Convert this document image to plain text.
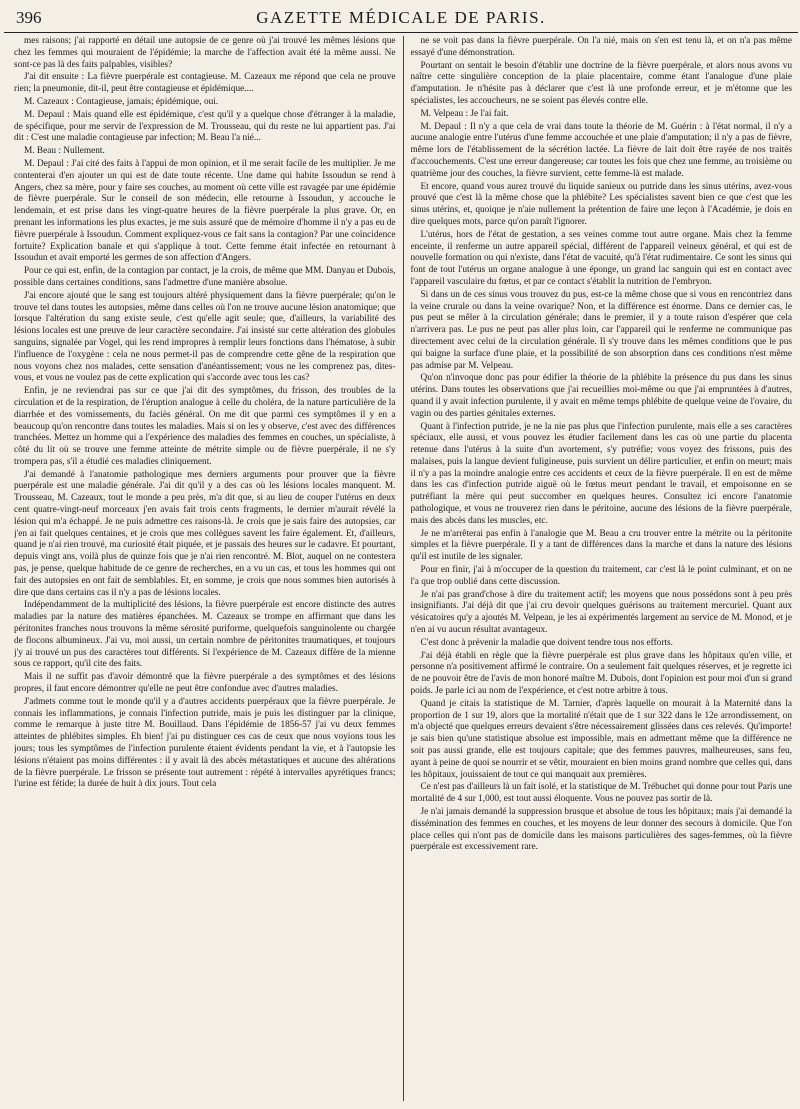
396	GAZETTE MÉDICALE DE PARIS.

mes raisons; j'ai rapporté en détail une autopsie de ce genre où j'ai trouvé les mêmes lésions que chez les femmes qui mouraient de l'épidémie; la marche de l'affection avait été la même aussi. Ne sont-ce pas là des faits palpables, visibles?

J'ai dit ensuite : La fièvre puerpérale est contagieuse. M. Cazeaux me répond que cela ne prouve rien; la pneumonie, dit-il, peut être contagieuse et épidémique....

M. Cazeaux : Contagieuse, jamais; épidémique, oui.

M. Depaul : Mais quand elle est épidémique, c'est qu'il y a quelque chose d'étranger à la maladie, de spécifique, pour me servir de l'expression de M. Trousseau, qui du reste ne lui appartient pas. J'ai dit : C'est une maladie contagieuse par infection; M. Beau l'a nié...

M. Beau : Nullement.

M. Depaul : J'ai cité des faits à l'appui de mon opinion, et il me serait facile de les multiplier. Je me contenterai d'en ajouter un qui est de date toute récente. Une dame qui habite Issoudun se rend à Angers, chez sa mère, pour y faire ses couches, au moment où cette ville est ravagée par une épidémie de fièvre puerpérale. Sur le conseil de son médecin, elle retourne à Issoudun, y accouche le lendemain, et est prise dans les vingt-quatre heures de la fièvre puerpérale la plus grave. Or, en prenant les informations les plus exactes, je me suis assuré que de mémoire d'homme il n'y a pas eu de fièvre puerpérale à Issoudun. Comment expliquez-vous ce fait sans la contagion? Par une coïncidence fortuite? Explication banale et qui s'applique à tout. Cette femme était infectée en retournant à Issoudun et avait emporté les germes de son affection d'Angers.

Pour ce qui est, enfin, de la contagion par contact, je la crois, de même que MM. Danyau et Dubois, possible dans certaines conditions, sans l'admettre d'une manière absolue.

J'ai encore ajouté que le sang est toujours altéré physiquement dans la fièvre puerpérale; qu'on le trouve tel dans toutes les autopsies, même dans celles où l'on ne trouve aucune lésion anatomique; que lorsque l'altération du sang existe seule, c'est qu'elle agit seule; que, d'ailleurs, la variabilité des lésions locales est une preuve de leur caractère secondaire. J'ai insisté sur cette altération des globules sanguins, signalée par Vogel, qui les rend impropres à remplir leurs fonctions dans l'hématose, à subir l'influence de l'oxygène : cela ne nous permet-il pas de comprendre cette gêne de la respiration que nous voyons chez nos malades, cette sensation d'anéantissement; vous ne les comprenez pas, dites-vous, et vous ne voulez pas de cette explication qui s'accorde avec tous les cas?

Enfin, je ne reviendrai pas sur ce que j'ai dit des symptômes, du frisson, des troubles de la circulation et de la respiration, de l'éruption analogue à celle du choléra, de la nature particulière de la diarrhée et des vomissements, du faciès général. On me dit que parmi ces symptômes il y en a beaucoup qu'on rencontre dans toutes les maladies. Mais si on les y observe, c'est avec des différences tranchées. Mettez un homme qui a l'expérience des maladies des femmes en couches, un spécialiste, à côté du lit où se trouve une femme atteinte de métrite simple ou de fièvre puerpérale, il ne s'y trompera pas, s'il a étudié ces maladies cliniquement.

J'ai demandé à l'anatomie pathologique mes derniers arguments pour prouver que la fièvre puerpérale est une maladie générale. J'ai dit qu'il y a des cas où les lésions locales manquent. M. Trousseau, M. Cazeaux, tout le monde a peu près, m'a dit que, si au lieu de couper l'utérus en deux cent quatre-vingt-neuf morceaux j'en avais fait trois cents fragments, le dernier m'aurait révélé la lésion qui m'a échappé. Je ne puis admettre ces raisons-là. Je crois que je sais faire des autopsies, car j'en ai fait quelques centaines, et je crois que mes collègues savent les faire également. Et, d'ailleurs, quand je n'ai rien trouvé, ma curiosité était piquée, et je passais des heures sur le cadavre. Et pourtant, depuis vingt ans, voilà plus de quinze fois que je n'ai rien rencontré. M. Blot, auquel on ne contestera pas, je pense, quelque habitude de ce genre de recherches, en a vu un cas, et tous les hommes qui ont fait des autopsies en ont fait de semblables. Et, en somme, je crois que nous sommes bien autorisés à dire que dans certains cas il n'y a pas de lésions locales.

Indépendamment de la multiplicité des lésions, la fièvre puerpérale est encore distincte des autres maladies par la nature des matières épanchées. M. Cazeaux se trompe en affirmant que dans les péritonites franches nous trouvons la même sérosité puriforme, quelquefois sanguinolente ou chargée de flocons albumineux. J'ai vu, moi aussi, un certain nombre de péritonites traumatiques, et toujours j'y ai trouvé un pus des caractères tout différents. Si l'expérience de M. Cazeaux diffère de la mienne sous ce rapport, qu'il cite des faits.

Mais il ne suffit pas d'avoir démontré que la fièvre puerpérale a des symptômes et des lésions propres, il faut encore démontrer qu'elle ne peut être confondue avec d'autres maladies.

J'admets comme tout le monde qu'il y a d'autres accidents puerpéraux que la fièvre puerpérale. Je connais les inflammations, je connais l'infection putride, mais je puis les distinguer par la clinique, comme le remarque à juste titre M. Bouillaud. Dans l'épidémie de 1856-57 j'ai vu deux femmes atteintes de phlébites simples. Eh bien! j'ai pu distinguer ces cas de ceux que nous voyions tous les jours; tous les symptômes de l'infection purulente étaient évidents pendant la vie, et à l'autopsie les lésions n'étaient pas moins différentes : il y avait là des abcès métastatiques et aucune des altérations de la fièvre puerpérale. Le frisson se présente tout autrement : répété à intervalles apyrétiques francs; l'urine est fétide; la durée de huit à dix jours. Tout cela

ne se voit pas dans la fièvre puerpérale. On l'a nié, mais on s'en est tenu là, et on n'a pas même essayé d'une démonstration.

Pourtant on sentait le besoin d'établir une doctrine de la fièvre puerpérale, et alors nous avons vu naître cette singulière conception de la plaie placentaire, comme étant l'analogue d'une plaie d'amputation. Je n'hésite pas à déclarer que c'est là une profonde erreur, et je m'étonne que les spécialistes, les accoucheurs, ne se soient pas élevés contre elle.

M. Velpeau : Je l'ai fait.

M. Depaul : Il n'y a que cela de vrai dans toute la théorie de M. Guérin : à l'état normal, il n'y a aucune analogie entre l'utérus d'une femme accouchée et une plaie d'amputation; il n'y a pas de fièvre, même lors de l'établissement de la sécrétion lactée. La fièvre de lait doit être rayée de nos traités d'accouchements. C'est une erreur dangereuse; car toutes les fois que chez une femme, au troisième ou quatrième jour des couches, la fièvre survient, cette femme-là est malade.

Et encore, quand vous aurez trouvé du liquide sanieux ou putride dans les sinus utérins, avez-vous prouvé que c'est là la même chose que la phlébite? Les spécialistes savent bien ce que c'est que les sinus utérins, et, quoique je n'aie nullement la prétention de faire une leçon à l'Académie, je dois en dire quelques mots, parce qu'on paraît l'ignorer.

L'utérus, hors de l'état de gestation, a ses veines comme tout autre organe. Mais chez la femme enceinte, il renferme un autre appareil spécial, différent de l'appareil veineux général, et qui est de nouvelle formation ou qui n'existe, dans l'état de vacuité, qu'à l'état rudimentaire. Ce sont les sinus qui font de tout l'utérus un organe analogue à une éponge, un grand lac sanguin qui est en contact avec l'appareil vasculaire du fœtus, et par ce contact s'établit la nutrition de l'embryon.

Si dans un de ces sinus vous trouvez du pus, est-ce la même chose que si vous en rencontriez dans la veine crurale ou dans la veine ovarique? Non, et la différence est énorme. Dans ce dernier cas, le pus peut se mêler à la circulation générale; dans le premier, il y a toute raison d'espérer que cela n'arrivera pas. Le pus ne peut pas aller plus loin, car l'appareil qui le renferme ne communique pas directement avec celui de la circulation générale. Il s'y trouve dans les mêmes conditions que le pus qui baigne la surface d'une plaie, et la possibilité de son absorption dans ces conditions n'est même pas admise par M. Velpeau.

Qu'on n'invoque donc pas pour édifier la théorie de la phlébite la présence du pus dans les sinus utérins. Dans toutes les observations que j'ai recueillies moi-même ou que j'ai empruntées à d'autres, quand il y avait infection purulente, il y avait en même temps phlébite de quelque veine de l'ovaire, du vagin ou des parties génitales externes.

Quant à l'infection putride, je ne la nie pas plus que l'infection purulente, mais elle a ses caractères spéciaux, elle aussi, et vous pouvez les étudier facilement dans les cas où une partie du placenta retenue dans l'utérus à la suite d'un avortement, s'y putréfie; vous voyez des frissons, puis des malaises, puis la langue devient fuligineuse, puis survient un délire particulier, et enfin on meurt; mais il n'y a pas la moindre analogie entre ces accidents et ceux de la fièvre puerpérale. Il en est de même dans les cas d'infection putride aiguë où le fœtus meurt pendant le travail, et empoisonne en se putréfiant la mère qui peut succomber en quelques heures. Consultez ici encore l'anatomie pathologique, et vous ne trouverez rien dans le péritoine, aucune des lésions de la fièvre puerpérale, mais des abcès dans les muscles, etc.

Je ne m'arrêterai pas enfin à l'analogie que M. Beau a cru trouver entre la métrite ou la péritonite simples et la fièvre puerpérale. Il y a tant de différences dans la marche et dans la nature des lésions qu'il est inutile de les signaler.

Pour en finir, j'ai à m'occuper de la question du traitement, car c'est là le point culminant, et on ne l'a que trop oublié dans cette discussion.

Je n'ai pas grand'chose à dire du traitement actif; les moyens que nous possédons sont à peu près insignifiants. J'ai déjà dit que j'ai cru devoir quelques guérisons au traitement mercuriel. Quant aux vésicatoires qu'y a ajoutés M. Velpeau, je les ai expérimentés largement au service de M. Monod, et je n'en ai vu aucun résultat avantageux.

C'est donc à prévenir la maladie que doivent tendre tous nos efforts.

J'ai déjà établi en règle que la fièvre puerpérale est plus grave dans les hôpitaux qu'en ville, et personne n'a positivement affirmé le contraire. On a seulement fait quelques réserves, et je regrette ici de ne pouvoir être de l'avis de mon honoré maître M. Dubois, dont l'opinion est pour moi d'un si grand poids. Je parle ici au nom de l'expérience, et c'est notre arbitre à tous.

Quand je citais la statistique de M. Tarnier, d'après laquelle on mourait à la Maternité dans la proportion de 1 sur 19, alors que la mortalité n'était que de 1 sur 322 dans le 12e arrondissement, on m'a objecté que quelques erreurs devaient s'être nécessairement glissées dans ces relevés. Qu'importe! je sais bien qu'une statistique absolue est impossible, mais en admettant même que la différence ne soit pas aussi grande, elle est toujours capitale; que des femmes pauvres, malheureuses, sans feu, ayant à peine de quoi se nourrir et se vêtir, mouraient en bien moins grand nombre que celles qui, dans les hôpitaux, jouissaient de tout ce qui manquait aux premières.

Ce n'est pas d'ailleurs là un fait isolé, et la statistique de M. Trébuchet qui donne pour tout Paris une mortalité de 4 sur 1,000, est tout aussi éloquente. Vous ne pouvez pas sortir de là.

Je n'ai jamais demandé la suppression brusque et absolue de tous les hôpitaux; mais j'ai demandé la dissémination des femmes en couches, et les moyens de leur donner des secours à domicile. Que l'on place celles qui n'ont pas de domicile dans les maisons particulières des sages-femmes, où la fièvre puerpérale est excessivement rare.
